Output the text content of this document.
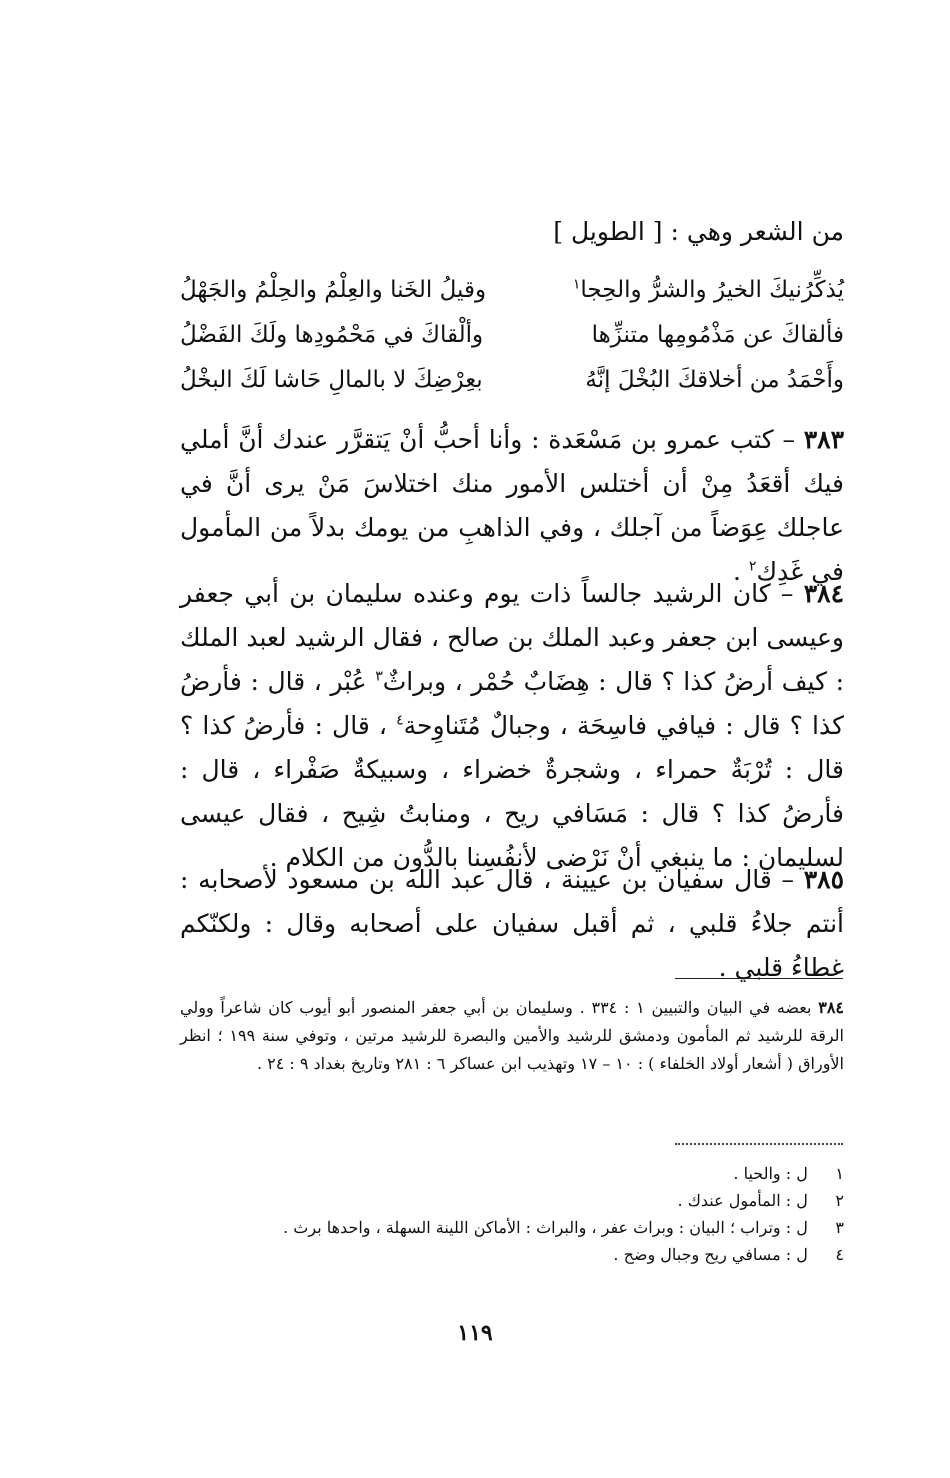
من الشعر وهي : [ الطويل ]
يُذكِّرُنيكَ الخيرُ والشرُّ والحِجا$^١$
وقيلُ الخَنا والعِلْمُ والحِلْمُ والجَهْلُ
فألقاكَ عن مَذْمُومِها متنزِّها
وألْقاكَ في مَحْمُودِها ولَكَ الفَضْلُ
وأَحْمَدُ من أخلاقكَ البُخْلَ إنَّهُ
بعِرْضِكَ لا بالمالِ حَاشا لَكَ البخْلُ
٣٨٣ – كتب عمرو بن مَسْعَدة : وأنا أحبُّ أنْ يَتقرَّر عندك أنَّ أملي فيك أقعَدُ مِنْ أن أختلس الأمور منك اختلاسَ مَنْ يرى أنَّ في عاجلك عِوَضاً من آجلك ، وفي الذاهبِ من يومك بدلاً من المأمول في غَدِك$^٢$ .
٣٨٤ – كان الرشيد جالساً ذات يوم وعنده سليمان بن أبي جعفر وعيسى ابن جعفر وعبد الملك بن صالح ، فقال الرشيد لعبد الملك : كيف أرضُ كذا ؟ قال : هِضَابٌ حُمْر ، وبراثٌ$^٣$ عُبْر ، قال : فأرضُ كذا ؟ قال : فيافي فاسِحَة ، وجبالٌ مُتَناوِحة$^٤$ ، قال : فأرضُ كذا ؟ قال : تُرْبَةٌ حمراء ، وشجرةٌ خضراء ، وسبيكةٌ صَفْراء ، قال : فأرضُ كذا ؟ قال : مَسَافي ريح ، ومنابتُ شِيح ، فقال عيسى لسليمان : ما ينبغي أنْ نَرْضى لأنفُسِنا بالدُّون من الكلام .
٣٨٥ – قال سفيان بن عيينة ، قال عبد الله بن مسعود لأصحابه : أنتم جلاءُ قلبي ، ثم أقبل سفيان على أصحابه وقال : ولكنّكم غطاءُ قلبي .
٣٨٤ بعضه في البيان والتبيين ١ : ٣٣٤ . وسليمان بن أبي جعفر المنصور أبو أيوب كان شاعراً وولي الرقة للرشيد ثم المأمون ودمشق للرشيد والأمين والبصرة للرشيد مرتين ، وتوفي سنة ١٩٩ ؛ انظر الأوراق ( أشعار أولاد الخلفاء ) : ١٠ – ١٧ وتهذيب ابن عساكر ٦ : ٢٨١ وتاريخ بغداد ٩ : ٢٤ .
١  ل : والحيا .
٢  ل : المأمول عندك .
٣  ل : وتراب ؛ البيان : وبراث عفر ، والبراث : الأماكن اللينة السهلة ، واحدها برث .
٤  ل : مسافي ريح وجبال وضح .
١١٩
